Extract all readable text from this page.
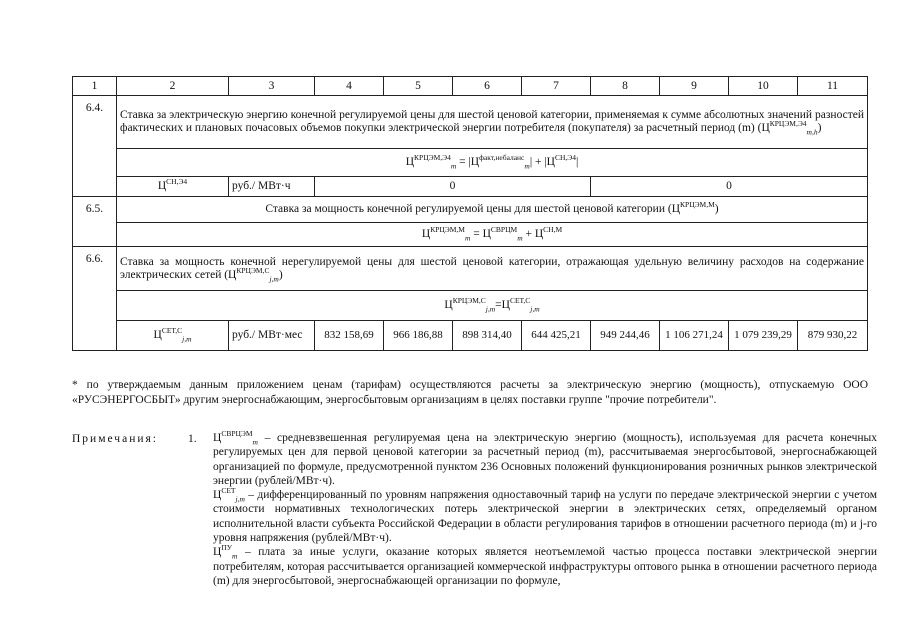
1	2	3	4	5	6	7	8	9	10	11
6.4.	Ставка за электрическую энергию конечной регулируемой цены для шестой ценовой категории, применяемая к сумме абсолютных значений разностей фактических и плановых почасовых объемов покупки электрической энергии потребителя (покупателя) за расчетный период (m) $(Ц^{КРЦЭМ,Э4}_{m,h})$									
	$Ц^{КРЦЭМ,Э4}_m = |Ц^{факт,небаланс}_m| + |Ц^{СН,Э4}|$									
	$Ц^{СН,Э4}$	руб./ МВт·ч	0				0			
6.5.	Ставка за мощность конечной регулируемой цены для шестой ценовой категории $(Ц^{КРЦЭМ,М})$									
	$Ц^{КРЦЭМ,М}_m = Ц^{СВРЦМ}_m + Ц^{СН,М}$
6.6.	Ставка за мощность конечной нерегулируемой цены для шестой ценовой категории, отражающая удельную величину расходов на содержание электрических сетей $(Ц^{КРЦЭМ,С}_{j,m})$									
	$Ц^{КРЦЭМ,С}_{j,m}=Ц^{СЕТ,С}_{j,m}$
	$Ц^{СЕТ,С}_{j,m}$	руб./ МВт·мес	832 158,69	966 186,88	898 314,40	644 425,21	949 244,46	1 106 271,24	1 079 239,29	879 930,22
* по утверждаемым данным приложением ценам (тарифам) осуществляются расчеты за электрическую энергию (мощность), отпускаемую ООО «РУСЭНЕРГОСБЫТ» другим энергоснабжающим, энергосбытовым организациям в целях поставки группе "прочие потребители".
Примечания:	1. $Ц^{СВРЦЭМ}_m$ – средневзвешенная регулируемая цена на электрическую энергию (мощность), используемая для расчета конечных регулируемых цен для первой ценовой категории за расчетный период (m), рассчитываемая энергосбытовой, энергоснабжающей организацией по формуле, предусмотренной пунктом 236 Основных положений функционирования розничных рынков электрической энергии (рублей/МВт·ч).

$Ц^{СЕТ}_{j,m}$ – дифференцированный по уровням напряжения одноставочный тариф на услуги по передаче электрической энергии с учетом стоимости нормативных технологических потерь электрической энергии в электрических сетях, определяемый органом исполнительной власти субъекта Российской Федерации в области регулирования тарифов в отношении расчетного периода (m) и j-го уровня напряжения (рублей/МВт·ч).

$Ц^{ПУ}_m$ – плата за иные услуги, оказание которых является неотъемлемой частью процесса поставки электрической энергии потребителям, которая рассчитывается организацией коммерческой инфраструктуры оптового рынка в отношении расчетного периода (m) для энергосбытовой, энергоснабжающей организации по формуле,
